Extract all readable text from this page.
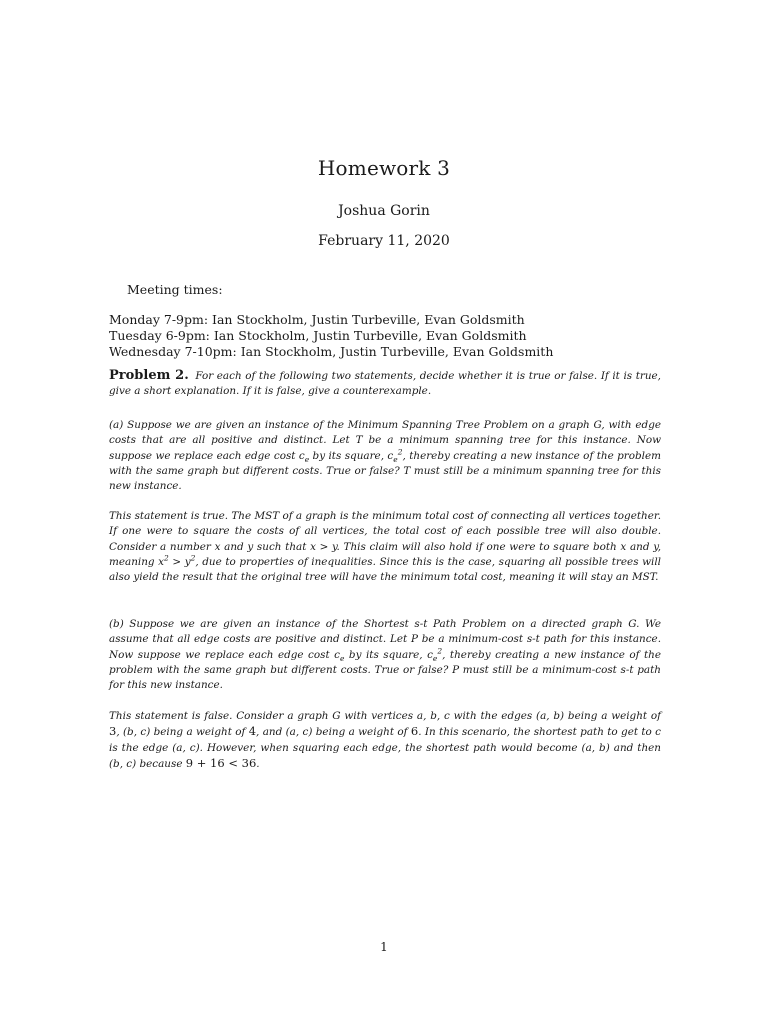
Homework 3
Joshua Gorin
February 11, 2020
Meeting times:
Monday 7-9pm: Ian Stockholm, Justin Turbeville, Evan Goldsmith
Tuesday 6-9pm: Ian Stockholm, Justin Turbeville, Evan Goldsmith
Wednesday 7-10pm: Ian Stockholm, Justin Turbeville, Evan Goldsmith

Problem 2. For each of the following two statements, decide whether it is true or false. If it is true, give a short explanation. If it is false, give a counterexample.

(a) Suppose we are given an instance of the Minimum Spanning Tree Problem on a graph G, with edge costs that are all positive and distinct. Let T be a minimum spanning tree for this instance. Now suppose we replace each edge cost $c_e$ by its square, $c_e^2$, thereby creating a new instance of the problem with the same graph but different costs. True or false? T must still be a minimum spanning tree for this new instance.

This statement is true. The MST of a graph is the minimum total cost of connecting all vertices together. If one were to square the costs of all vertices, the total cost of each possible tree will also double. Consider a number x and y such that x > y. This claim will also hold if one were to square both x and y, meaning $x^2 > y^2$, due to properties of inequalities. Since this is the case, squaring all possible trees will also yield the result that the original tree will have the minimum total cost, meaning it will stay an MST.

(b) Suppose we are given an instance of the Shortest s-t Path Problem on a directed graph G. We assume that all edge costs are positive and distinct. Let P be a minimum-cost s-t path for this instance. Now suppose we replace each edge cost $c_e$ by its square, $c_e^2$, thereby creating a new instance of the problem with the same graph but different costs. True or false? P must still be a minimum-cost s-t path for this new instance.

This statement is false. Consider a graph G with vertices a, b, c with the edges (a, b) being a weight of 3, (b, c) being a weight of 4, and (a, c) being a weight of 6. In this scenario, the shortest path to get to c is the edge (a, c). However, when squaring each edge, the shortest path would become (a, b) and then (b, c) because 9 + 16 < 36.

1
